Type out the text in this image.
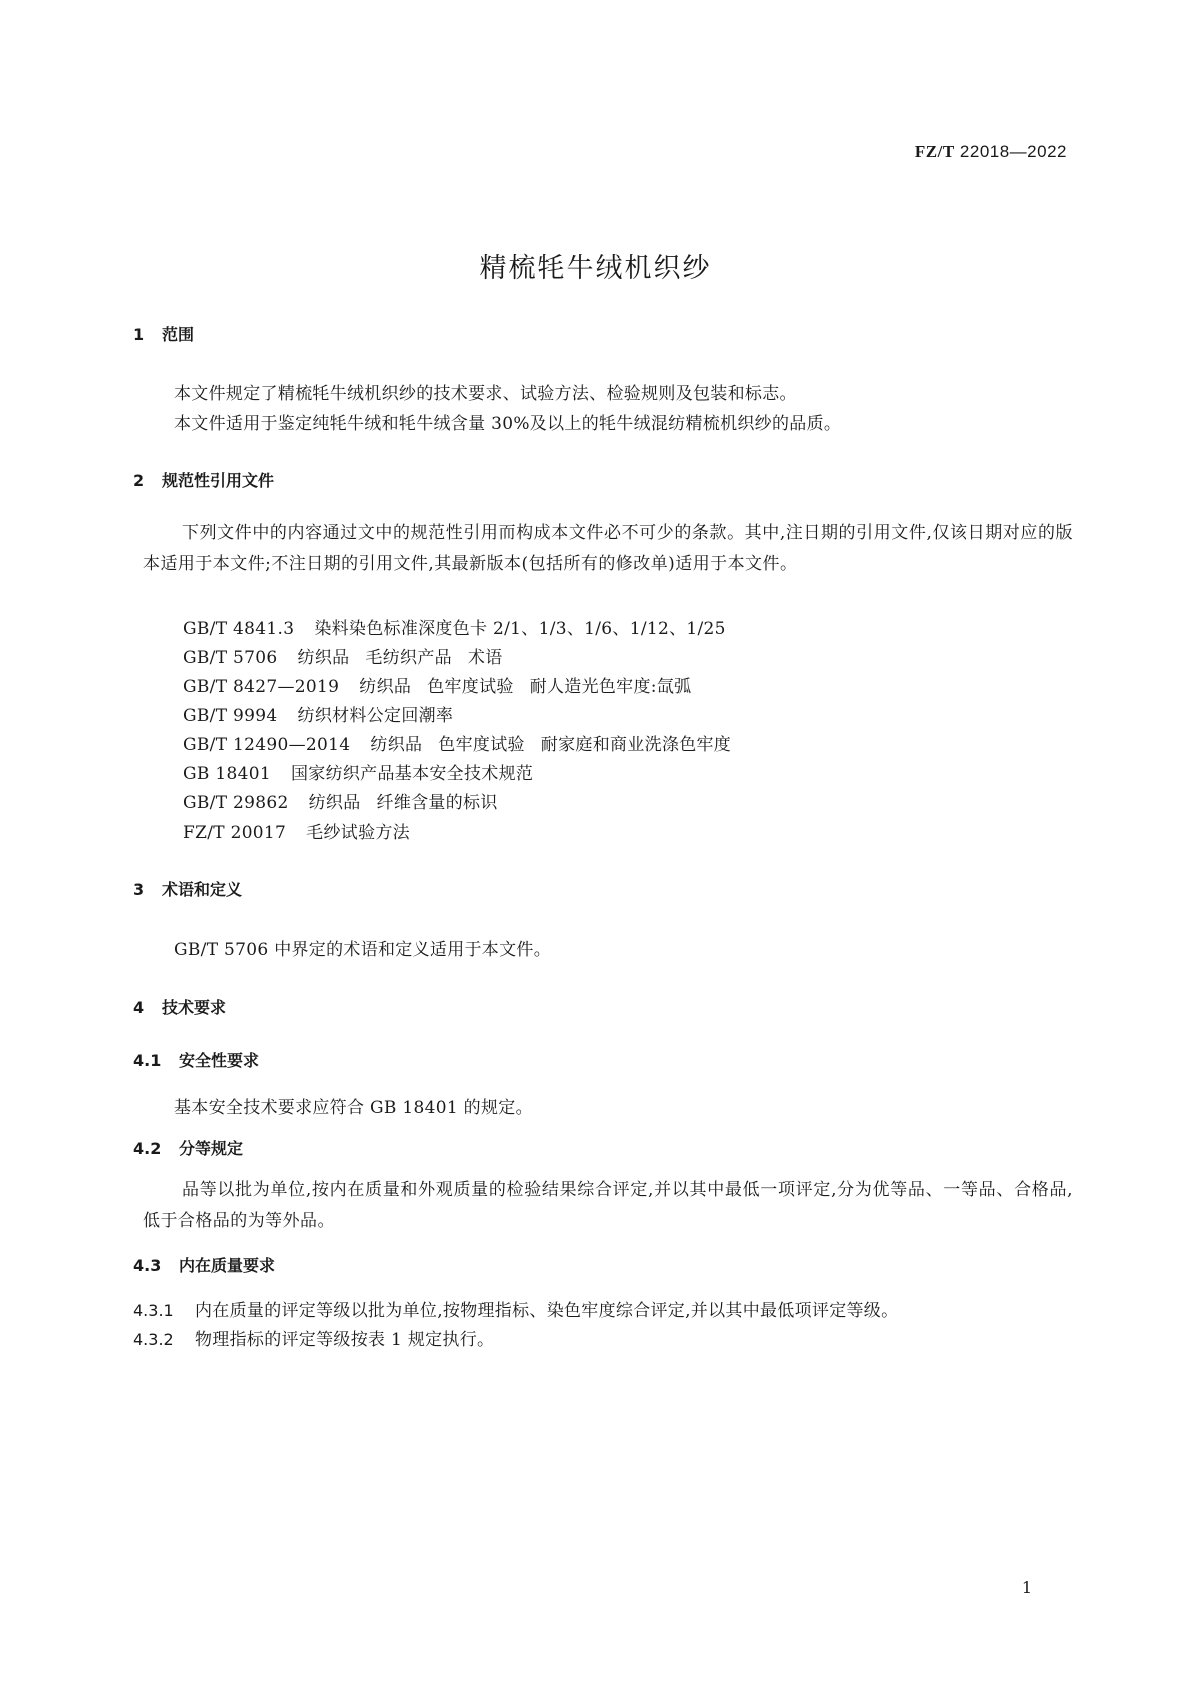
FZ/T 22018—2022
精梳牦牛绒机织纱
1 范围
本文件规定了精梳牦牛绒机织纱的技术要求、试验方法、检验规则及包装和标志。
本文件适用于鉴定纯牦牛绒和牦牛绒含量 30%及以上的牦牛绒混纺精梳机织纱的品质。
2 规范性引用文件
下列文件中的内容通过文中的规范性引用而构成本文件必不可少的条款。其中,注日期的引用文件,仅该日期对应的版本适用于本文件;不注日期的引用文件,其最新版本(包括所有的修改单)适用于本文件。
GB/T 4841.3 染料染色标准深度色卡 2/1、1/3、1/6、1/12、1/25
GB/T 5706 纺织品 毛纺织产品 术语
GB/T 8427—2019 纺织品 色牢度试验 耐人造光色牢度:氙弧
GB/T 9994 纺织材料公定回潮率
GB/T 12490—2014 纺织品 色牢度试验 耐家庭和商业洗涤色牢度
GB 18401 国家纺织产品基本安全技术规范
GB/T 29862 纺织品 纤维含量的标识
FZ/T 20017 毛纱试验方法
3 术语和定义
GB/T 5706 中界定的术语和定义适用于本文件。
4 技术要求
4.1 安全性要求
基本安全技术要求应符合 GB 18401 的规定。
4.2 分等规定
品等以批为单位,按内在质量和外观质量的检验结果综合评定,并以其中最低一项评定,分为优等品、一等品、合格品,低于合格品的为等外品。
4.3 内在质量要求
4.3.1 内在质量的评定等级以批为单位,按物理指标、染色牢度综合评定,并以其中最低项评定等级。
4.3.2 物理指标的评定等级按表 1 规定执行。
1
